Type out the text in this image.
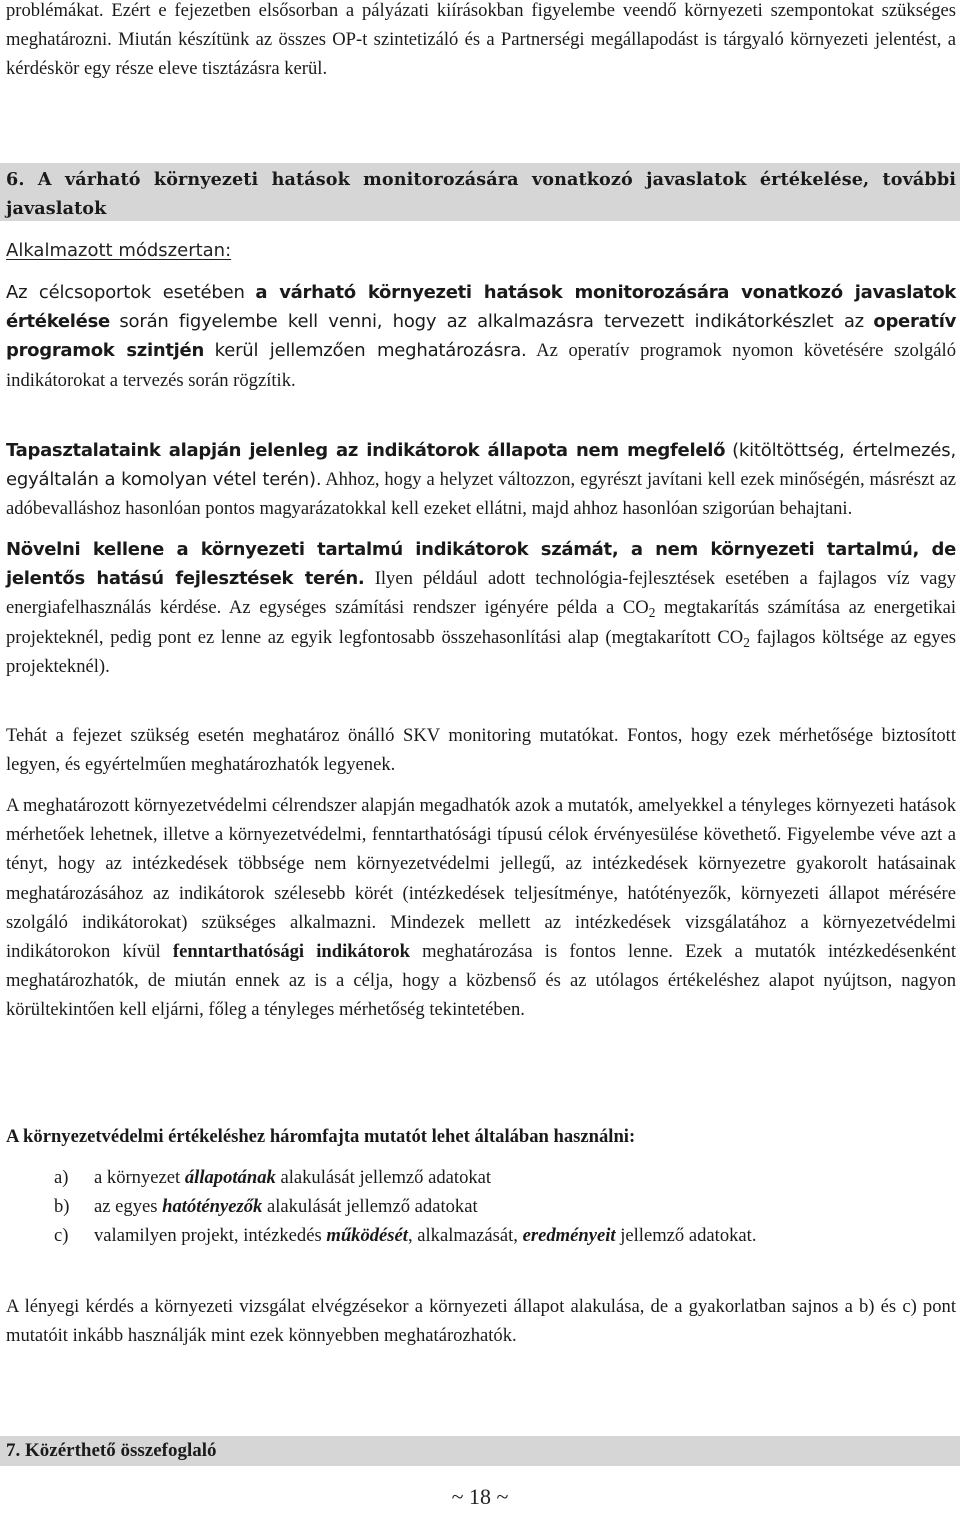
problémákat. Ezért e fejezetben elsősorban a pályázati kiírásokban figyelembe veendő környezeti szempontokat szükséges meghatározni. Miután készítünk az összes OP-t szintetizáló és a Partnerségi megállapodást is tárgyaló környezeti jelentést, a kérdéskör egy része eleve tisztázásra kerül.

6. A várható környezeti hatások monitorozására vonatkozó javaslatok értékelése, további javaslatok

Alkalmazott módszertan:

Az célcsoportok esetében a várható környezeti hatások monitorozására vonatkozó javaslatok értékelése során figyelembe kell venni, hogy az alkalmazásra tervezett indikátorkészlet az operatív programok szintjén kerül jellemzően meghatározásra. Az operatív programok nyomon követésére szolgáló indikátorokat a tervezés során rögzítik.

Tapasztalataink alapján jelenleg az indikátorok állapota nem megfelelő (kitöltöttség, értelmezés, egyáltalán a komolyan vétel terén). Ahhoz, hogy a helyzet változzon, egyrészt javítani kell ezek minőségén, másrészt az adóbevalláshoz hasonlóan pontos magyarázatokkal kell ezeket ellátni, majd ahhoz hasonlóan szigorúan behajtani.

Növelni kellene a környezeti tartalmú indikátorok számát, a nem környezeti tartalmú, de jelentős hatású fejlesztések terén. Ilyen például adott technológia-fejlesztések esetében a fajlagos víz vagy energiafelhasználás kérdése. Az egységes számítási rendszer igényére példa a $CO_2$ megtakarítás számítása az energetikai projekteknél, pedig pont ez lenne az egyik legfontosabb összehasonlítási alap (megtakarított $CO_2$ fajlagos költsége az egyes projekteknél).

Tehát a fejezet szükség esetén meghatároz önálló SKV monitoring mutatókat. Fontos, hogy ezek mérhetősége biztosított legyen, és egyértelműen meghatározhatók legyenek.

A meghatározott környezetvédelmi célrendszer alapján megadhatók azok a mutatók, amelyekkel a tényleges környezeti hatások mérhetőek lehetnek, illetve a környezetvédelmi, fenntarthatósági típusú célok érvényesülése követhető. Figyelembe véve azt a tényt, hogy az intézkedések többsége nem környezetvédelmi jellegű, az intézkedések környezetre gyakorolt hatásainak meghatározásához az indikátorok szélesebb körét (intézkedések teljesítménye, hatótényezők, környezeti állapot mérésére szolgáló indikátorokat) szükséges alkalmazni. Mindezek mellett az intézkedések vizsgálatához a környezetvédelmi indikátorokon kívül fenntarthatósági indikátorok meghatározása is fontos lenne. Ezek a mutatók intézkedésenként meghatározhatók, de miután ennek az is a célja, hogy a közbenső és az utólagos értékeléshez alapot nyújtson, nagyon körültekintően kell eljárni, főleg a tényleges mérhetőség tekintetében.

A környezetvédelmi értékeléshez háromfajta mutatót lehet általában használni:

a)	a környezet állapotának alakulását jellemző adatokat
b)	az egyes hatótényezők alakulását jellemző adatokat
c)	valamilyen projekt, intézkedés működését, alkalmazását, eredményeit jellemző adatokat.

A lényegi kérdés a környezeti vizsgálat elvégzésekor a környezeti állapot alakulása, de a gyakorlatban sajnos a b) és c) pont mutatóit inkább használják mint ezek könnyebben meghatározhatók.

7. Közérthető összefoglaló
~ 18 ~
